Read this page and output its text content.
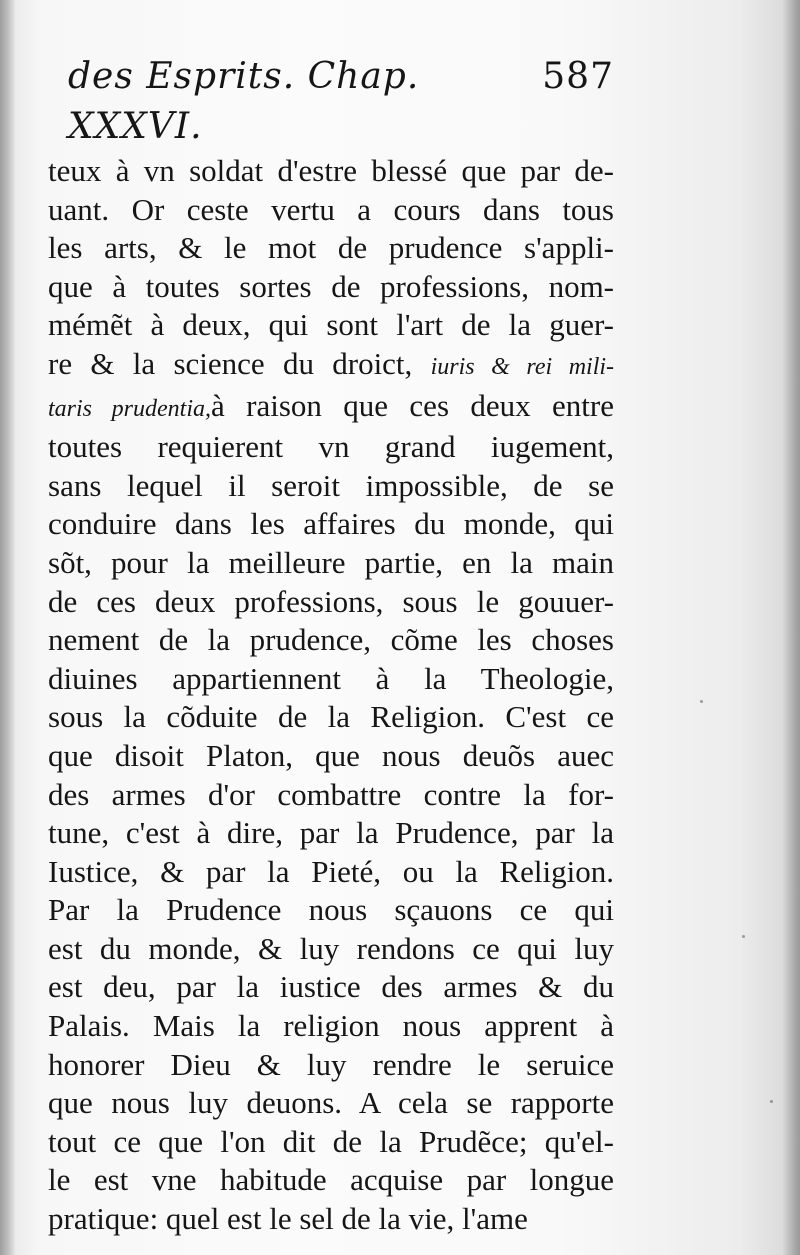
des Esprits. Chap. XXXVI.
587
teux à vn soldat d'estre blessé que par de-
uant. Or ceste vertu a cours dans tous
les arts, & le mot de prudence s'appli-
que à toutes sortes de professions, nom-
mémẽt à deux, qui sont l'art de la guer-
re & la science du droict, iuris & rei mili-
taris prudentia,à raison que ces deux entre
toutes requierent vn grand iugement,
sans lequel il seroit impossible, de se
conduire dans les affaires du monde, qui
sõt, pour la meilleure partie, en la main
de ces deux professions, sous le gouuer-
nement de la prudence, cõme les choses
diuines appartiennent à la Theologie,
sous la cõduite de la Religion. C'est ce
que disoit Platon, que nous deuõs auec
des armes d'or combattre contre la for-
tune, c'est à dire, par la Prudence, par la
Iustice, & par la Pieté, ou la Religion.
Par la Prudence nous sçauons ce qui
est du monde, & luy rendons ce qui luy
est deu, par la iustice des armes & du
Palais. Mais la religion nous apprent à
honorer Dieu & luy rendre le seruice
que nous luy deuons. A cela se rapporte
tout ce que l'on dit de la Prudẽce; qu'el-
le est vne habitude acquise par longue
pratique: quel est le sel de la vie, l'ame
